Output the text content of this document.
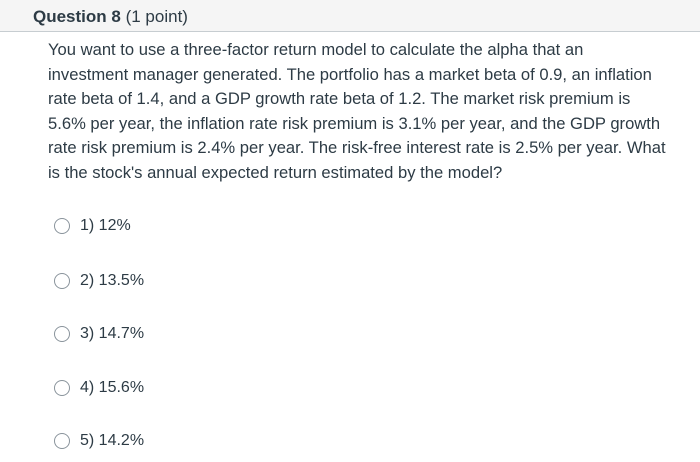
Question 8 (1 point)
You want to use a three-factor return model to calculate the alpha that an investment manager generated. The portfolio has a market beta of 0.9, an inflation rate beta of 1.4, and a GDP growth rate beta of 1.2. The market risk premium is 5.6% per year, the inflation rate risk premium is 3.1% per year, and the GDP growth rate risk premium is 2.4% per year. The risk-free interest rate is 2.5% per year. What is the stock's annual expected return estimated by the model?
1) 12%
2) 13.5%
3) 14.7%
4) 15.6%
5) 14.2%
